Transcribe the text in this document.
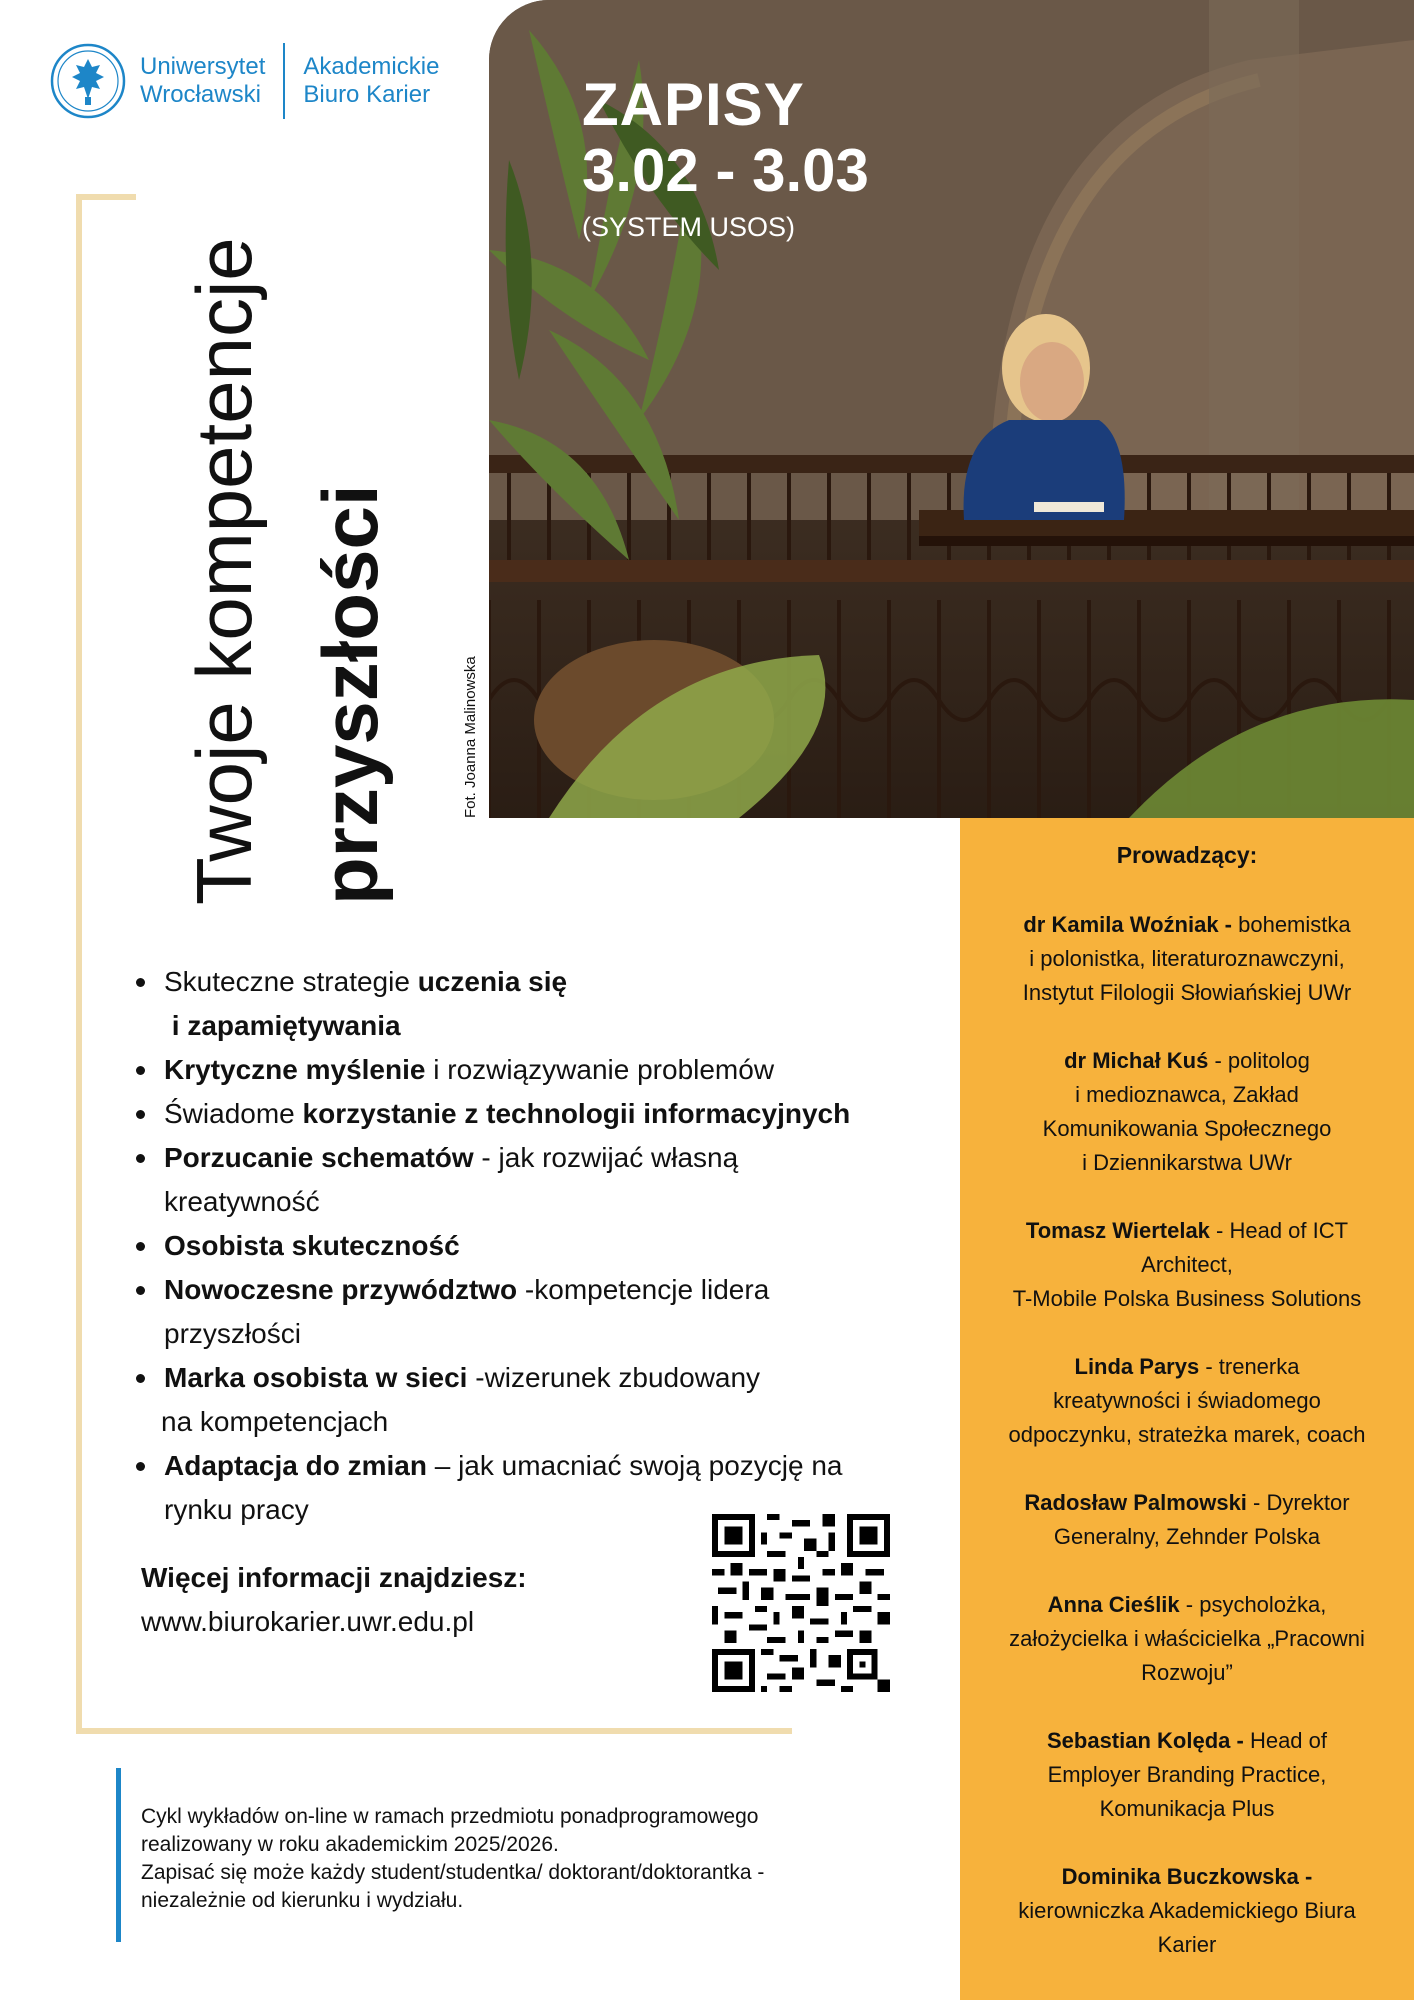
Uniwersytet
Wrocławski
Akademickie
Biuro Karier	ZAPISY
3.02 - 3.03
(SYSTEM USOS)
Fot. Joanna Malinowska
Twoje kompetencje przyszłości
Skuteczne strategie uczenia się
i zapamiętywania
Krytyczne myślenie i rozwiązywanie problemów
Świadome korzystanie z technologii informacyjnych
Porzucanie schematów - jak rozwijać własną
kreatywność
Osobista skuteczność
Nowoczesne przywództwo -kompetencje lidera
przyszłości
Marka osobista w sieci -wizerunek zbudowany
na kompetencjach
Adaptacja do zmian – jak umacniać swoją pozycję na
rynku pracy
Więcej informacji znajdziesz:
www.biurokarier.uwr.edu.pl
Cykl wykładów on-line w ramach przedmiotu ponadprogramowego
realizowany w roku akademickim 2025/2026.
Zapisać się może każdy student/studentka/ doktorant/doktorantka -
niezależnie od kierunku i wydziału.
Prowadzący:
dr Kamila Woźniak - bohemistka
i polonistka, literaturoznawczyni,
Instytut Filologii Słowiańskiej UWr
dr Michał Kuś - politolog
i medioznawca, Zakład
Komunikowania Społecznego
i Dziennikarstwa UWr
Tomasz Wiertelak - Head of ICT
Architect,
T-Mobile Polska Business Solutions
Linda Parys - trenerka
kreatywności i świadomego
odpoczynku, strateżka marek, coach
Radosław Palmowski - Dyrektor
Generalny, Zehnder Polska
Anna Cieślik - psycholożka,
założycielka i właścicielka „Pracowni
Rozwoju”
Sebastian Kolęda - Head of
Employer Branding Practice,
Komunikacja Plus
Dominika Buczkowska -
kierowniczka Akademickiego Biura
Karier
